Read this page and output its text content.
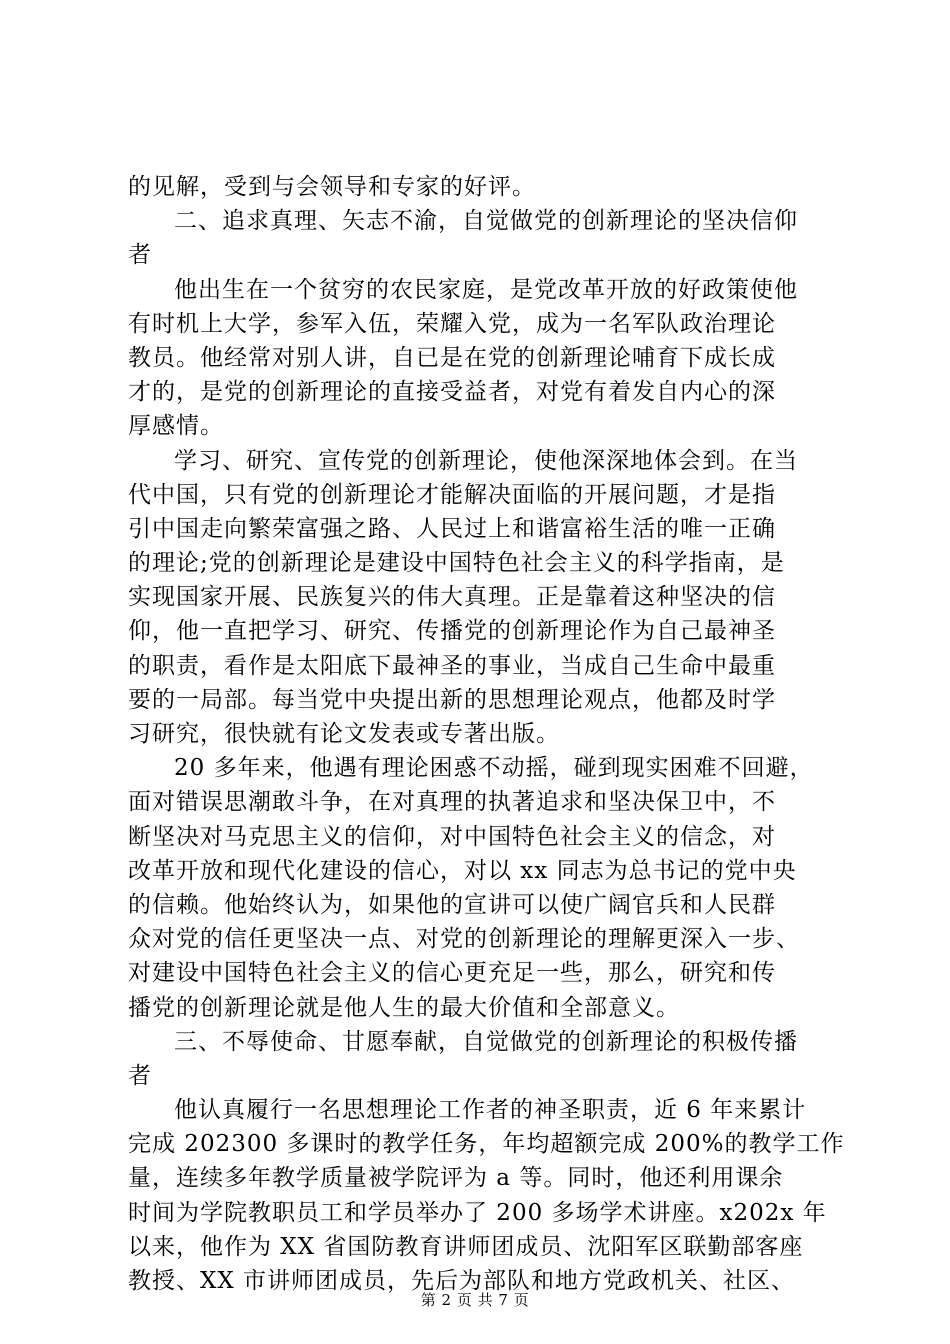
的见解，受到与会领导和专家的好评。
二、追求真理、矢志不渝，自觉做党的创新理论的坚决信仰
者
他出生在一个贫穷的农民家庭，是党改革开放的好政策使他
有时机上大学，参军入伍，荣耀入党，成为一名军队政治理论
教员。他经常对别人讲，自已是在党的创新理论哺育下成长成
才的，是党的创新理论的直接受益者，对党有着发自内心的深
厚感情。
学习、研究、宣传党的创新理论，使他深深地体会到。在当
代中国，只有党的创新理论才能解决面临的开展问题，才是指
引中国走向繁荣富强之路、人民过上和谐富裕生活的唯一正确
的理论;党的创新理论是建设中国特色社会主义的科学指南，是
实现国家开展、民族复兴的伟大真理。正是靠着这种坚决的信
仰，他一直把学习、研究、传播党的创新理论作为自己最神圣
的职责，看作是太阳底下最神圣的事业，当成自己生命中最重
要的一局部。每当党中央提出新的思想理论观点，他都及时学
习研究，很快就有论文发表或专著出版。
20 多年来，他遇有理论困惑不动摇，碰到现实困难不回避，
面对错误思潮敢斗争，在对真理的执著追求和坚决保卫中，不
断坚决对马克思主义的信仰，对中国特色社会主义的信念，对
改革开放和现代化建设的信心，对以 xx 同志为总书记的党中央
的信赖。他始终认为，如果他的宣讲可以使广阔官兵和人民群
众对党的信任更坚决一点、对党的创新理论的理解更深入一步、
对建设中国特色社会主义的信心更充足一些，那么，研究和传
播党的创新理论就是他人生的最大价值和全部意义。
三、不辱使命、甘愿奉献，自觉做党的创新理论的积极传播
者
他认真履行一名思想理论工作者的神圣职责，近 6 年来累计
完成 202300 多课时的教学任务，年均超额完成 200%的教学工作
量，连续多年教学质量被学院评为 a 等。同时，他还利用课余
时间为学院教职员工和学员举办了 200 多场学术讲座。x202x 年
以来，他作为 XX 省国防教育讲师团成员、沈阳军区联勤部客座
教授、XX 市讲师团成员，先后为部队和地方党政机关、社区、
第 2 页 共 7 页
